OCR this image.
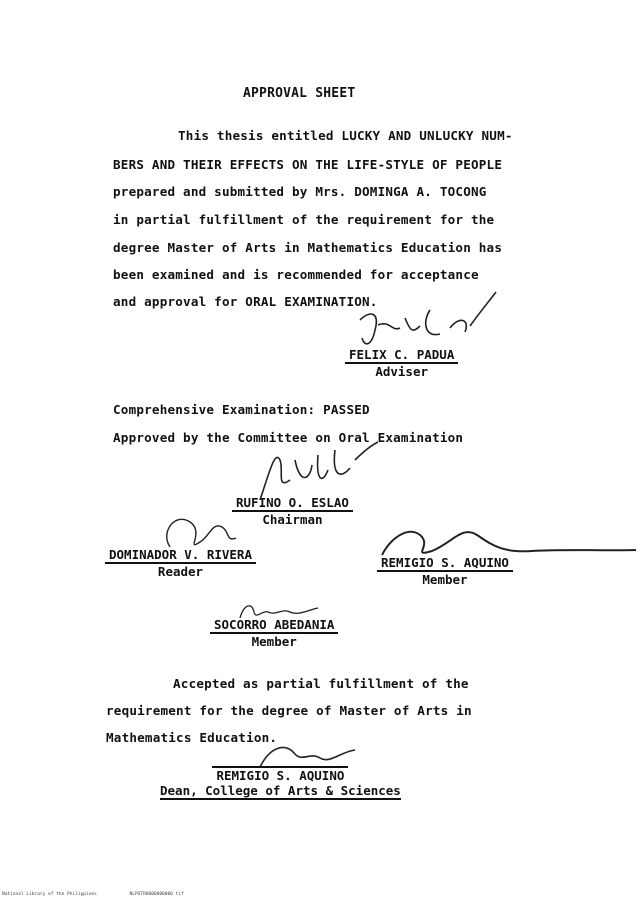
APPROVAL SHEET
This thesis entitled LUCKY AND UNLUCKY NUM-
BERS AND THEIR EFFECTS ON THE LIFE-STYLE OF PEOPLE
prepared and submitted by Mrs. DOMINGA A. TOCONG
in partial fulfillment of the requirement for the
degree Master of Arts in Mathematics Education has
been examined and is recommended for acceptance
and approval for ORAL EXAMINATION.
FELIX C. PADUA
Adviser
Comprehensive Examination: PASSED
Approved by the Committee on Oral Examination
RUFINO O. ESLAO
Chairman
DOMINADOR V. RIVERA
Reader
REMIGIO S. AQUINO
Member
SOCORRO ABEDANIA
Member
Accepted as partial fulfillment of the
requirement for the degree of Master of Arts in
Mathematics Education.
REMIGIO S. AQUINO
Dean, College of Arts & Sciences
National Library of the Philippines	NLPGTR0000000000 tif
